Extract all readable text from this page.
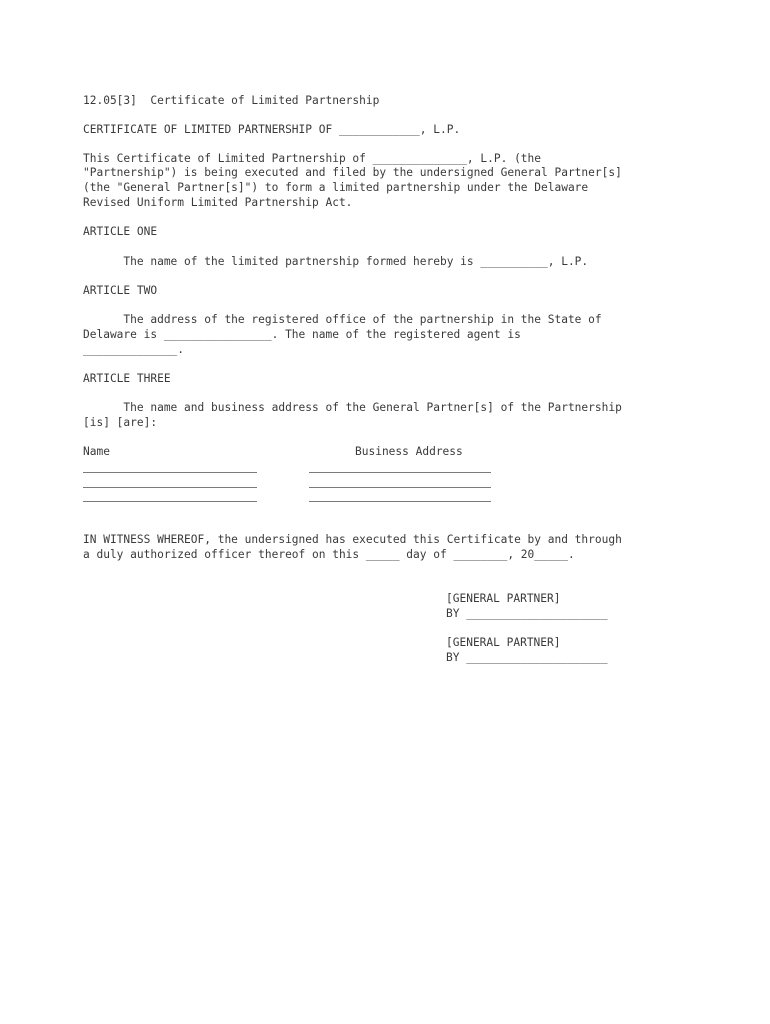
12.05[3]  Certificate of Limited Partnership
CERTIFICATE OF LIMITED PARTNERSHIP OF ____________, L.P.
This Certificate of Limited Partnership of ______________, L.P. (the
"Partnership") is being executed and filed by the undersigned General Partner[s]
(the "General Partner[s]") to form a limited partnership under the Delaware
Revised Uniform Limited Partnership Act.
ARTICLE ONE
The name of the limited partnership formed hereby is __________, L.P.
ARTICLE TWO
The address of the registered office of the partnership in the State of
Delaware is ________________. The name of the registered agent is
______________.
ARTICLE THREE
The name and business address of the General Partner[s] of the Partnership
[is] [are]:
Name	Business Address
IN WITNESS WHEREOF, the undersigned has executed this Certificate by and through
a duly authorized officer thereof on this _____ day of ________, 20_____.
[GENERAL PARTNER]
BY _____________________
[GENERAL PARTNER]
BY _____________________
